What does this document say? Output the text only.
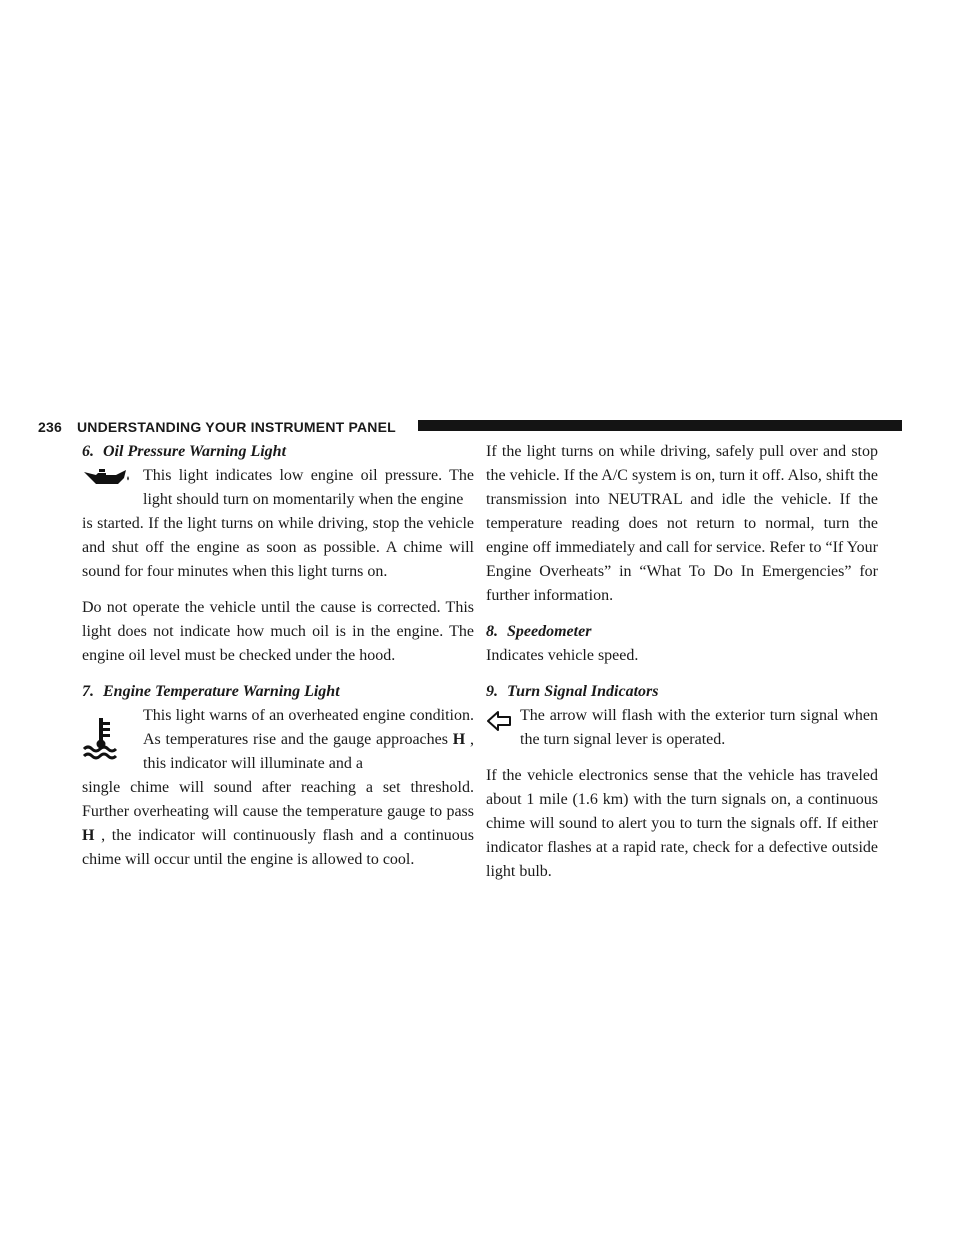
236 UNDERSTANDING YOUR INSTRUMENT PANEL
6. Oil Pressure Warning Light

This light indicates low engine oil pressure. The light should turn on momentarily when the engine

is started. If the light turns on while driving, stop the vehicle and shut off the engine as soon as possible. A chime will sound for four minutes when this light turns on.

Do not operate the vehicle until the cause is corrected. This light does not indicate how much oil is in the engine. The engine oil level must be checked under the hood.

7. Engine Temperature Warning Light

This light warns of an overheated engine condition. As temperatures rise and the gauge approaches H , this indicator will illuminate and a

single chime will sound after reaching a set threshold. Further overheating will cause the temperature gauge to pass H , the indicator will continuously flash and a continuous chime will occur until the engine is allowed to cool.

If the light turns on while driving, safely pull over and stop the vehicle. If the A/C system is on, turn it off. Also, shift the transmission into NEUTRAL and idle the vehicle. If the temperature reading does not return to normal, turn the engine off immediately and call for service. Refer to “If Your Engine Overheats” in “What To Do In Emergencies” for further information.

8. Speedometer

Indicates vehicle speed.

9. Turn Signal Indicators

The arrow will flash with the exterior turn signal when the turn signal lever is operated.

If the vehicle electronics sense that the vehicle has traveled about 1 mile (1.6 km) with the turn signals on, a continuous chime will sound to alert you to turn the signals off. If either indicator flashes at a rapid rate, check for a defective outside light bulb.
